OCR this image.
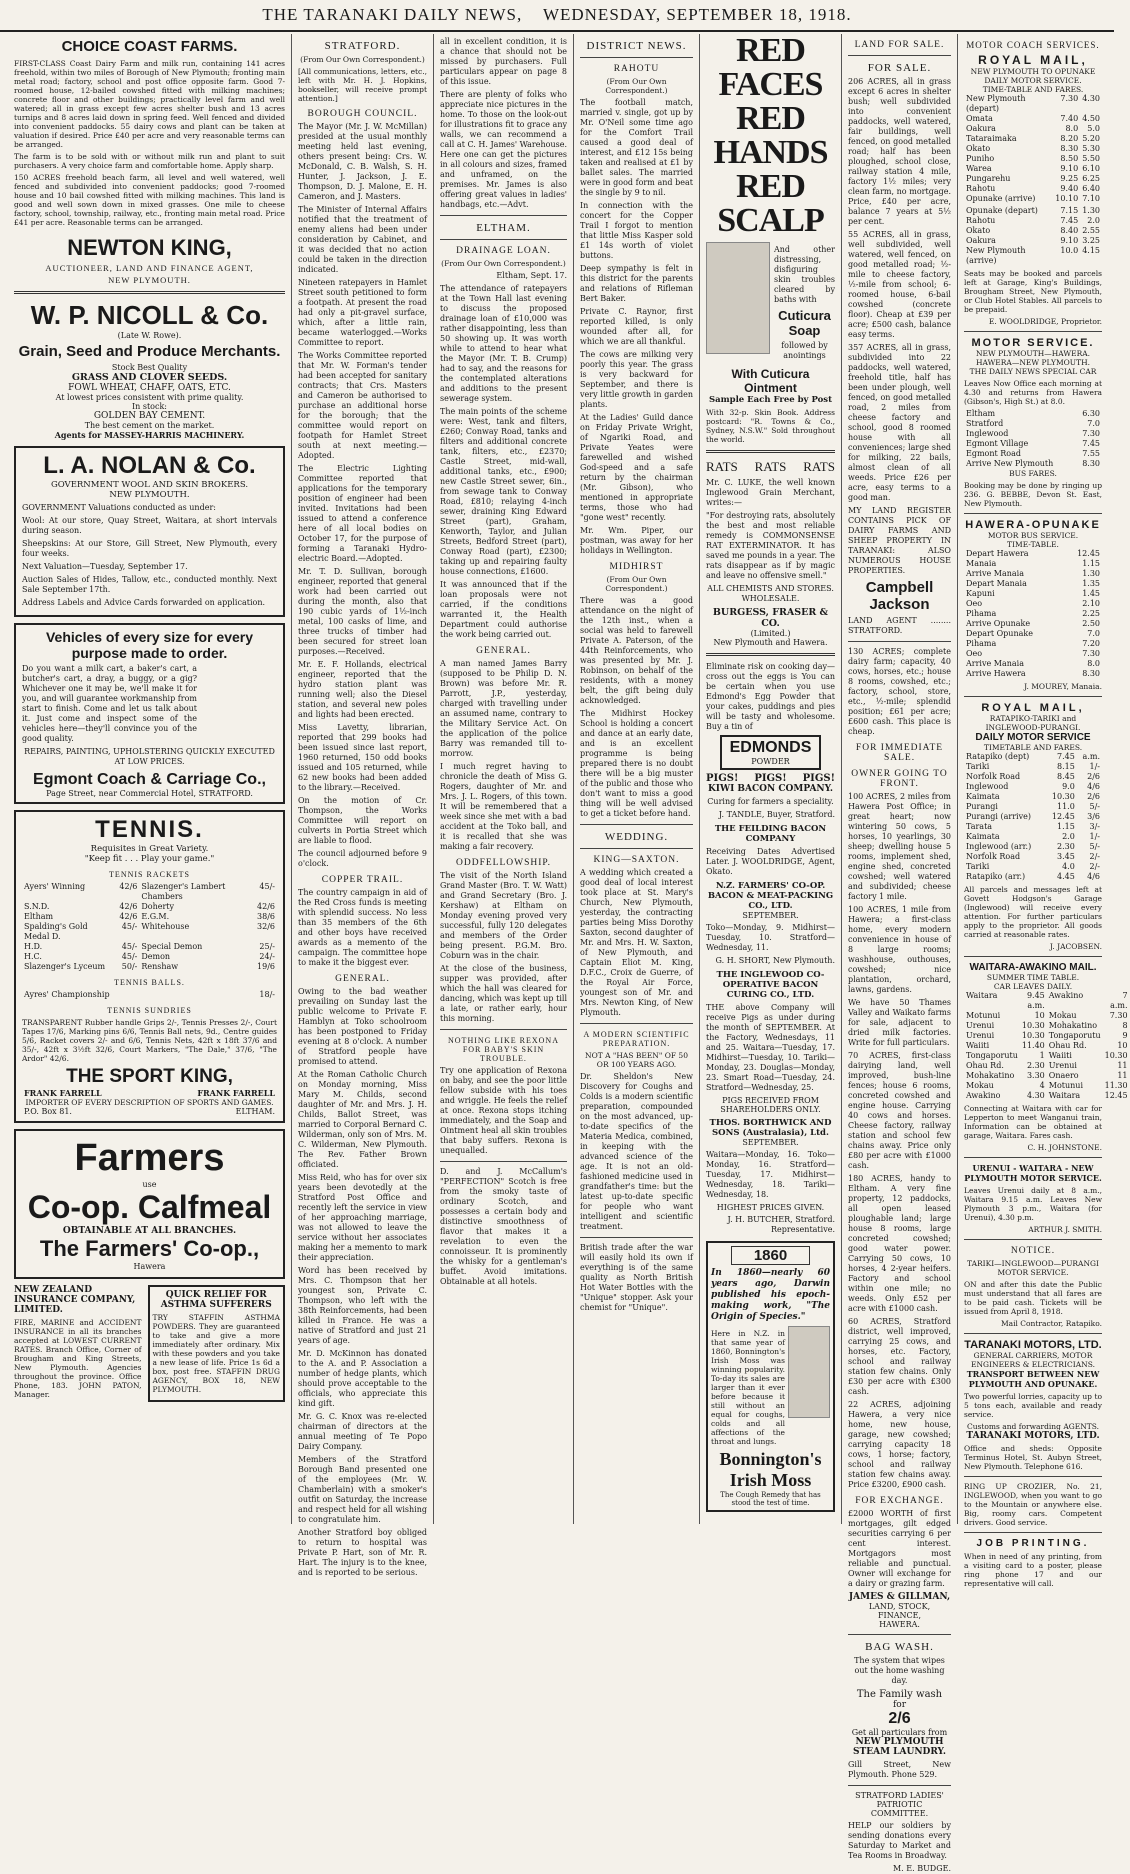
THE TARANAKI DAILY NEWS, WEDNESDAY, SEPTEMBER 18, 1918.
CHOICE COAST FARMS.
FIRST-CLASS Coast Dairy Farm and milk run, containing 141 acres freehold, within two miles of Borough of New Plymouth; fronting main metal road; factory, school and post office opposite farm. Good 7-roomed house, 12-bailed cowshed fitted with milking machines; concrete floor and other buildings; practically level farm and well watered; all in grass except few acres shelter bush and 13 acres turnips and 8 acres laid down in spring feed. Well fenced and divided into convenient paddocks. 55 dairy cows and plant can be taken at valuation if desired. Price £40 per acre and very reasonable terms can be arranged.
The farm is to be sold with or without milk run and plant to suit purchasers. A very choice farm and comfortable home. Apply sharp.
150 ACRES freehold beach farm, all level and well watered, well fenced and subdivided into convenient paddocks; good 7-roomed house and 10 bail cowshed fitted with milking machines. This land is good and well sown down in mixed grasses. One mile to cheese factory, school, township, railway, etc., fronting main metal road. Price £41 per acre. Reasonable terms can be arranged.
NEWTON KING,
AUCTIONEER, LAND AND FINANCE AGENT,
NEW PLYMOUTH.
W. P. NICOLL & Co.
(Late W. Rowe).
Grain, Seed and Produce Merchants.
Stock Best Quality
GRASS AND CLOVER SEEDS.
FOWL WHEAT, CHAFF, OATS, ETC.
At lowest prices consistent with prime quality.
In stock:
GOLDEN BAY CEMENT.
The best cement on the market.
Agents for MASSEY-HARRIS MACHINERY.
L. A. NOLAN & Co.
GOVERNMENT WOOL AND SKIN BROKERS.
NEW PLYMOUTH.
GOVERNMENT Valuations conducted as under:
Wool: At our store, Quay Street, Waitara, at short intervals during season.
Sheepskins: At our Store, Gill Street, New Plymouth, every four weeks.
Next Valuation—Tuesday, September 17.
Auction Sales of Hides, Tallow, etc., conducted monthly. Next Sale September 17th.
Address Labels and Advice Cards forwarded on application.
Vehicles of every size for every
purpose made to order.
Do you want a milk cart, a baker's cart, a butcher's cart, a dray, a buggy, or a gig? Whichever one it may be, we'll make it for you, and will guarantee workmanship from start to finish. Come and let us talk about it. Just come and inspect some of the vehicles here—they'll convince you of the good quality.
REPAIRS, PAINTING, UPHOLSTERING QUICKLY EXECUTED AT LOW PRICES.
Egmont Coach & Carriage Co.,
Page Street, near Commercial Hotel, STRATFORD.
TENNIS.
Requisites in Great Variety.
"Keep fit . . . Play your game."
TENNIS RACKETS
Ayers' Winning	42/6	Slazenger's Lambert Chambers	45/-
S.N.D.	42/6	Doherty	42/6
Eltham	42/6	E.G.M.	38/6
Spalding's Gold Medal D.	45/-	Whitehouse	32/6
H.D.	45/-	Special Demon	25/-
H.C.	45/-	Demon	24/-
Slazenger's Lyceum	50/-	Renshaw	19/6
TENNIS BALLS.
Ayres' Championship	18/-
TENNIS SUNDRIES
TRANSPARENT Rubber handle Grips 2/-, Tennis Presses 2/-, Court Tapes 17/6, Marking pins 6/6, Tennis Ball nets, 9d., Centre guides 5/6, Racket covers 2/- and 6/6, Tennis Nets, 42ft x 18ft 37/6 and 35/-, 42ft x 3½ft 32/6, Court Markers, "The Dale," 37/6, "The Ardor" 42/6.
THE SPORT KING,
FRANK FARRELL	FRANK FARRELL
IMPORTER OF EVERY DESCRIPTION OF SPORTS AND GAMES.
P.O. Box 81.	ELTHAM.
Farmers
use
Co-op. Calfmeal
OBTAINABLE AT ALL BRANCHES.
The Farmers' Co-op.,
Hawera
NEW ZEALAND INSURANCE COMPANY, LIMITED.
FIRE, MARINE and ACCIDENT INSURANCE in all its branches accepted at LOWEST CURRENT RATES. Branch Office, Corner of Brougham and King Streets, New Plymouth. Agencies throughout the province. Office Phone, 183. JOHN PATON, Manager.
QUICK RELIEF FOR ASTHMA SUFFERERS
TRY STAFFIN ASTHMA POWDERS. They are guaranteed to take and give a more immediately after ordinary. Mix with these powders and you take a new lease of life. Price 1s 6d a box, post free. STAFFIN DRUG AGENCY, BOX 18, NEW PLYMOUTH.
STRATFORD.
(From Our Own Correspondent.)
[All communications, letters, etc., left with Mr. H. J. Hopkins, bookseller, will receive prompt attention.]
BOROUGH COUNCIL.
The Mayor (Mr. J. W. McMillan) presided at the usual monthly meeting held last evening, others present being: Crs. W. McDonald, C. B. Walsh, S. H. Hunter, J. Jackson, J. E. Thompson, D. J. Malone, E. H. Cameron, and J. Masters.
The Minister of Internal Affairs notified that the treatment of enemy aliens had been under consideration by Cabinet, and it was decided that no action could be taken in the direction indicated.
Nineteen ratepayers in Hamlet Street south petitioned to form a footpath. At present the road had only a pit-gravel surface, which, after a little rain, became waterlogged.—Works Committee to report.
The Works Committee reported that Mr. W. Forman's tender had been accepted for sanitary contracts; that Crs. Masters and Cameron be authorised to purchase an additional horse for the borough; that the committee would report on footpath for Hamlet Street south at next meeting.—Adopted.
The Electric Lighting Committee reported that applications for the temporary position of engineer had been invited. Invitations had been issued to attend a conference here of all local bodies on October 17, for the purpose of forming a Taranaki Hydro-electric Board.—Adopted.
Mr. T. D. Sullivan, borough engineer, reported that general work had been carried out during the month, also that 190 cubic yards of 1½-inch metal, 100 casks of lime, and three trucks of timber had been secured for street loan purposes.—Received.
Mr. E. F. Hollands, electrical engineer, reported that the hydro station plant was running well; also the Diesel station, and several new poles and lights had been erected.
Miss Lavetty, librarian, reported that 299 books had been issued since last report, 1960 returned, 150 odd books issued and 105 returned, while 62 new books had been added to the library.—Received.
On the motion of Cr. Thompson, the Works Committee will report on culverts in Portia Street which are liable to flood.
The council adjourned before 9 o'clock.
COPPER TRAIL.
The country campaign in aid of the Red Cross funds is meeting with splendid success. No less than 35 members of the 6th and other boys have received awards as a memento of the campaign. The committee hope to make it the biggest ever.
GENERAL.
Owing to the bad weather prevailing on Sunday last the public welcome to Private F. Hamblyn at Toko schoolroom has been postponed to Friday evening at 8 o'clock. A number of Stratford people have promised to attend.
At the Roman Catholic Church on Monday morning, Miss Mary M. Childs, second daughter of Mr. and Mrs. J. H. Childs, Ballot Street, was married to Corporal Bernard C. Wilderman, only son of Mrs. M. C. Wilderman, New Plymouth. The Rev. Father Brown officiated.
Miss Reid, who has for over six years been devotedly at the Stratford Post Office and recently left the service in view of her approaching marriage, was not allowed to leave the service without her associates making her a memento to mark their appreciation.
Word has been received by Mrs. C. Thompson that her youngest son, Private C. Thompson, who left with the 38th Reinforcements, had been killed in France. He was a native of Stratford and just 21 years of age.
Mr. D. McKinnon has donated to the A. and P. Association a number of hedge plants, which should prove acceptable to the officials, who appreciate this kind gift.
Mr. G. C. Knox was re-elected chairman of directors at the annual meeting of Te Popo Dairy Company.
Members of the Stratford Borough Band presented one of the employees (Mr. W. Chamberlain) with a smoker's outfit on Saturday, the increase and respect held for all wishing to congratulate him.
Another Stratford boy obliged to return to hospital was Private P. Hart, son of Mr. R. Hart. The injury is to the knee, and is reported to be serious.
all in excellent condition, it is a chance that should not be missed by purchasers. Full particulars appear on page 8 of this issue.
There are plenty of folks who appreciate nice pictures in the home. To those on the look-out for illustrations fit to grace any walls, we can recommend a call at C. H. James' Warehouse. Here one can get the pictures in all colours and sizes, framed and unframed, on the premises. Mr. James is also offering great values in ladies' handbags, etc.—Advt.
ELTHAM.
DRAINAGE LOAN.
(From Our Own Correspondent.)
Eltham, Sept. 17.
The attendance of ratepayers at the Town Hall last evening to discuss the proposed drainage loan of £10,000 was rather disappointing, less than 50 showing up. It was worth while to attend to hear what the Mayor (Mr. T. B. Crump) had to say, and the reasons for the contemplated alterations and additions to the present sewerage system.
The main points of the scheme were: West, tank and filters, £260; Conway Road, tanks and filters and additional concrete tank, filters, etc., £2370; Castle Street, mid-wall, additional tanks, etc., £900; new Castle Street sewer, 6in., from sewage tank to Conway Road, £810; relaying 4-inch sewer, draining King Edward Street (part), Graham, Kenworth, Taylor, and Julian Streets, Bedford Street (part), Conway Road (part), £2300; taking up and repairing faulty house connections, £1600.
It was announced that if the loan proposals were not carried, if the conditions warranted it, the Health Department could authorise the work being carried out.
GENERAL.
A man named James Barry (supposed to be Philip D. N. Brown) was before Mr. R. Parrott, J.P., yesterday, charged with travelling under an assumed name, contrary to the Military Service Act. On the application of the police Barry was remanded till to-morrow.
I much regret having to chronicle the death of Miss G. Rogers, daughter of Mr. and Mrs. J. L. Rogers, of this town. It will be remembered that a week since she met with a bad accident at the Toko ball, and it is recalled that she was making a fair recovery.
ODDFELLOWSHIP.
The visit of the North Island Grand Master (Bro. T. W. Watt) and Grand Secretary (Bro. J. Kershaw) at Eltham on Monday evening proved very successful, fully 120 delegates and members of the Order being present. P.G.M. Bro. Coburn was in the chair.
At the close of the business, supper was provided, after which the hall was cleared for dancing, which was kept up till a late, or rather early, hour this morning.
NOTHING LIKE REXONA FOR BABY'S SKIN TROUBLE.
Try one application of Rexona on baby, and see the poor little fellow subside with his toes and wriggle. He feels the relief at once. Rexona stops itching immediately, and the Soap and Ointment heal all skin troubles that baby suffers. Rexona is unequalled.
D. and J. McCallum's "PERFECTION" Scotch is free from the smoky taste of ordinary Scotch, and possesses a certain body and distinctive smoothness of flavor that makes it a revelation to even the connoisseur. It is prominently the whisky for a gentleman's buffet. Avoid imitations. Obtainable at all hotels.
DISTRICT NEWS.
RAHOTU
(From Our Own Correspondent.)
The football match, married v. single, got up by Mr. O'Neil some time ago for the Comfort Trail caused a good deal of interest, and £12 15s being taken and realised at £1 by ballet sales. The married were in good form and beat the single by 9 to nil.
In connection with the concert for the Copper Trail I forgot to mention that little Miss Kasper sold £1 14s worth of violet buttons.
Deep sympathy is felt in this district for the parents and relations of Rifleman Bert Baker.
Private C. Raynor, first reported killed, is only wounded after all, for which we are all thankful.
The cows are milking very poorly this year. The grass is very backward for September, and there is very little growth in garden plants.
At the Ladies' Guild dance on Friday Private Wright, of Ngariki Road, and Private Yeates were farewelled and wished God-speed and a safe return by the chairman (Mr. Gibson), who mentioned in appropriate terms, those who had "gone west" recently.
Mr. Wm. Piper, our postman, was away for her holidays in Wellington.
MIDHIRST
(From Our Own Correspondent.)
There was a good attendance on the night of the 12th inst., when a social was held to farewell Private A. Paterson, of the 44th Reinforcements, who was presented by Mr. J. Robinson, on behalf of the residents, with a money belt, the gift being duly acknowledged.
The Midhirst Hockey School is holding a concert and dance at an early date, and is an excellent programme is being prepared there is no doubt there will be a big muster of the public and those who don't want to miss a good thing will be well advised to get a ticket before hand.
WEDDING.
KING—SAXTON.
A wedding which created a good deal of local interest took place at St. Mary's Church, New Plymouth, yesterday, the contracting parties being Miss Dorothy Saxton, second daughter of Mr. and Mrs. H. W. Saxton, of New Plymouth, and Captain Eliot M. King, D.F.C., Croix de Guerre, of the Royal Air Force, youngest son of Mr. and Mrs. Newton King, of New Plymouth.
A MODERN SCIENTIFIC PREPARATION.
NOT A "HAS BEEN" OF 50 OR 100 YEARS AGO.
Dr. Sheldon's New Discovery for Coughs and Colds is a modern scientific preparation, compounded on the most advanced, up-to-date specifics of the Materia Medica, combined, in keeping with the advanced science of the age. It is not an old-fashioned medicine used in grandfather's time: but the latest up-to-date specific for people who want intelligent and scientific treatment.
British trade after the war will easily hold its own if everything is of the same quality as North British Hot Water Bottles with the "Unique" stopper. Ask your chemist for "Unique".
RED FACES
RED HANDS
RED SCALP
And other distressing, disfiguring skin troubles cleared by baths with
Cuticura Soap
followed by anointings
With Cuticura Ointment
Sample Each Free by Post
With 32-p. Skin Book. Address postcard: "R. Towns & Co., Sydney, N.S.W." Sold throughout the world.
RATS RATS RATS
Mr. C. LUKE, the well known Inglewood Grain Merchant, writes:—
"For destroying rats, absolutely the best and most reliable remedy is COMMONSENSE RAT EXTERMINATOR. It has saved me pounds in a year. The rats disappear as if by magic and leave no offensive smell."
ALL CHEMISTS AND STORES. WHOLESALE.
BURGESS, FRASER & CO.
(Limited.)
New Plymouth and Hawera.
Eliminate risk on cooking day—cross out the eggs is You can be certain when you use Edmond's Egg Powder that your cakes, puddings and pies will be tasty and wholesome. Buy a tin of
EDMONDS
POWDER
PIGS! PIGS! PIGS!
KIWI BACON COMPANY.
Curing for farmers a speciality.
J. TANDLE, Buyer, Stratford.
THE FEILDING BACON COMPANY
Receiving Dates Advertised Later. J. WOOLDRIDGE, Agent, Okato.
N.Z. FARMERS' CO-OP. BACON & MEAT-PACKING CO., LTD.
SEPTEMBER.
Toko—Monday, 9. Midhirst—Tuesday, 10. Stratford—Wednesday, 11.
G. H. SHORT, New Plymouth.
THE INGLEWOOD CO-OPERATIVE BACON CURING CO., LTD.
THE above Company will receive Pigs as under during the month of SEPTEMBER. At the Factory, Wednesdays, 11 and 25. Waitara—Tuesday, 17. Midhirst—Tuesday, 10. Tariki—Monday, 23. Douglas—Monday, 23. Smart Road—Tuesday, 24. Stratford—Wednesday, 25.
PIGS RECEIVED FROM SHAREHOLDERS ONLY.
THOS. BORTHWICK AND SONS (Australasia), Ltd.
SEPTEMBER.
Waitara—Monday, 16. Toko—Monday, 16. Stratford—Tuesday, 17. Midhirst—Wednesday, 18. Tariki—Wednesday, 18.
HIGHEST PRICES GIVEN.
J. H. BUTCHER, Stratford. Representative.
1860
In 1860—nearly 60 years ago, Darwin published his epoch-making work, "The Origin of Species."
Here in N.Z. in that same year of 1860, Bonnington's Irish Moss was winning popularity. To-day its sales are larger than it ever before because it still without an equal for coughs, colds and all affections of the throat and lungs.
Bonnington's
Irish Moss
The Cough Remedy that has stood the test of time.
LAND FOR SALE.
FOR SALE.
206 ACRES, all in grass except 6 acres in shelter bush; well subdivided into convenient paddocks, well watered, fair buildings, well fenced, on good metalled road; half has been ploughed, school close, railway station 4 mile, factory 1½ miles; very clean farm, no mortgage. Price, £40 per acre, balance 7 years at 5½ per cent.
55 ACRES, all in grass, well subdivided, well watered, well fenced, on good metalled road; ½-mile to cheese factory, ½-mile from school; 6-roomed house, 6-bail cowshed (concrete floor). Cheap at £39 per acre; £500 cash, balance easy terms.
357 ACRES, all in grass, subdivided into 22 paddocks, well watered, freehold title, half has been under plough, well fenced, on good metalled road, 2 miles from cheese factory and school, good 8 roomed house with all conveniences; large shed for milking, 22 bails, almost clean of all weeds. Price £26 per acre, easy terms to a good man.
MY LAND REGISTER CONTAINS PICK OF DAIRY FARMS AND SHEEP PROPERTY IN TARANAKI: ALSO NUMEROUS HOUSE PROPERTIES.
Campbell Jackson
LAND AGENT ........ STRATFORD.
130 ACRES; complete dairy farm; capacity, 40 cows, horses, etc.; house 8 rooms, cowshed, etc.; factory, school, store, etc., ½-mile; splendid position; £61 per acre; £600 cash. This place is cheap.
FOR IMMEDIATE SALE.
OWNER GOING TO FRONT.
100 ACRES, 2 miles from Hawera Post Office; in great heart; now wintering 50 cows, 5 horses, 10 yearlings, 30 sheep; dwelling house 5 rooms, implement shed, engine shed, concreted cowshed; well watered and subdivided; cheese factory 1 mile.
100 ACRES, 1 mile from Hawera; a first-class home, every modern convenience in house of 8 large rooms; washhouse, outhouses, cowshed; nice plantation, orchard, lawns, gardens.
We have 50 Thames Valley and Waikato farms for sale, adjacent to dried milk factories. Write for full particulars.
70 ACRES, first-class dairying land, well improved, bush-line fences; house 6 rooms, concreted cowshed and engine house. Carrying 40 cows and horses. Cheese factory, railway station and school few chains away. Price only £80 per acre with £1000 cash.
180 ACRES, handy to Eltham. A very fine property, 12 paddocks, all open leased ploughable land; large house 8 rooms, large concreted cowshed; good water power. Carrying 50 cows, 10 horses, 4 2-year heifers. Factory and school within one mile; no weeds. Only £52 per acre with £1000 cash.
60 ACRES, Stratford district, well improved, carrying 25 cows, and horses, etc. Factory, school and railway station few chains. Only £30 per acre with £300 cash.
22 ACRES, adjoining Hawera, a very nice home, new house, garage, new cowshed; carrying capacity 18 cows, 1 horse; factory, school and railway station few chains away. Price £3200, £900 cash.
FOR EXCHANGE.
£2000 WORTH of first mortgages, gilt edged securities carrying 6 per cent interest. Mortgagors most reliable and punctual. Owner will exchange for a dairy or grazing farm.
JAMES & GILLMAN,
LAND, STOCK, FINANCE,
HAWERA.
BAG WASH.
The system that wipes out the home washing day.
The Family wash
for
2/6
Get all particulars from
NEW PLYMOUTH STEAM LAUNDRY.
Gill Street, New Plymouth. Phone 529.
STRATFORD LADIES' PATRIOTIC COMMITTEE.
HELP our soldiers by sending donations every Saturday to Market and Tea Rooms in Broadway.
M. E. BUDGE.
MOTOR COACH SERVICES.
ROYAL MAIL,
NEW PLYMOUTH TO OPUNAKE DAILY MOTOR SERVICE.
TIME-TABLE AND FARES.
New Plymouth (depart)	7.30	4.30
Omata	7.40	4.50
Oakura	8.0	5.0
Tataraimaka	8.20	5.20
Okato	8.30	5.30
Puniho	8.50	5.50
Warea	9.10	6.10
Pungarehu	9.25	6.25
Rahotu	9.40	6.40
Opunake (arrive)	10.10	7.10
Opunake (depart)	7.15	1.30
Rahotu	7.45	2.0
Okato	8.40	2.55
Oakura	9.10	3.25
New Plymouth (arrive)	10.0	4.15
Seats may be booked and parcels left at Garage, King's Buildings, Brougham Street, New Plymouth, or Club Hotel Stables. All parcels to be prepaid.
E. WOOLDRIDGE, Proprietor.
MOTOR SERVICE.
NEW PLYMOUTH—HAWERA.
HAWERA—NEW PLYMOUTH.
THE DAILY NEWS SPECIAL CAR
Leaves Now Office each morning at 4.30 and returns from Hawera (Gibson's, High St.) at 8.0.
Eltham	6.30
Stratford	7.0
Inglewood	7.30
Egmont Village	7.45
Egmont Road	7.55
Arrive New Plymouth	8.30
BUS FARES.
Booking may be done by ringing up 236. G. BEBBE, Devon St. East, New Plymouth.
HAWERA-OPUNAKE
MOTOR BUS SERVICE.
TIME-TABLE.
Depart Hawera	12.45
Manaia	1.15
Arrive Manaia	1.30
Depart Manaia	1.35
Kapuni	1.45
Oeo	2.10
Pihama	2.25
Arrive Opunake	2.50
Depart Opunake	7.0
Pihama	7.20
Oeo	7.30
Arrive Manaia	8.0
Arrive Hawera	8.30
J. MOUREY, Manaia.
ROYAL MAIL,
RATAPIKO-TARIKI and INGLEWOOD-PURANGI.
DAILY MOTOR SERVICE
TIMETABLE AND FARES.
Ratapiko (dept)	7.45	a.m.
Tariki	8.15	1/-
Norfolk Road	8.45	2/6
Inglewood	9.0	4/6
Kaimata	10.30	2/6
Purangi	11.0	5/-
Purangi (arrive)	12.45	3/6
Tarata	1.15	3/-
Kaimata	2.0	1/-
Inglewood (arr.)	2.30	5/-
Norfolk Road	3.45	2/-
Tariki	4.0	2/-
Ratapiko (arr.)	4.45	4/6
All parcels and messages left at Govett Hodgson's Garage (Inglewood) will receive every attention. For further particulars apply to the proprietor. All goods carried at reasonable rates.
J. JACOBSEN.
WAITARA-AWAKINO MAIL.
SUMMER TIME TABLE.
CAR LEAVES DAILY.
Waitara	9.45 a.m.	Awakino	7 a.m.
Motunui	10	Mokau	7.30
Urenui	10.30	Mohakatino	8
Urenui	10.30	Tongaporutu	9
Waiiti	11.40	Ohau Rd.	10
Tongaporutu	1	Waiiti	10.30
Ohau Rd.	2.30	Urenui	11
Mohakatino	3.30	Onaero	11
Mokau	4	Motunui	11.30
Awakino	4.30	Waitara	12.45
Connecting at Waitara with car for Lepperton to meet Wanganui train, Information can be obtained at garage, Waitara. Fares cash.
C. H. JOHNSTONE.
URENUI - WAITARA - NEW PLYMOUTH MOTOR SERVICE.
Leaves Urenui daily at 8 a.m., Waitara 9.15 a.m. Leaves New Plymouth 3 p.m., Waitara (for Urenui), 4.30 p.m.
ARTHUR J. SMITH.
NOTICE.
TARIKI—INGLEWOOD—PURANGI MOTOR SERVICE.
ON and after this date the Public must understand that all fares are to be paid cash. Tickets will be issued from April 8, 1918.
Mail Contractor, Ratapiko.
TARANAKI MOTORS, LTD.
GENERAL CARRIERS, MOTOR ENGINEERS & ELECTRICIANS.
TRANSPORT BETWEEN NEW PLYMOUTH AND OPUNAKE.
Two powerful lorries, capacity up to 5 tons each, available and ready service.
Customs and forwarding AGENTS.
TARANAKI MOTORS, LTD.
Office and sheds: Opposite Terminus Hotel, St. Aubyn Street, New Plymouth. Telephone 616.
RING UP CROZIER, No. 21, INGLEWOOD, when you want to go to the Mountain or anywhere else. Big, roomy cars. Competent drivers. Good service.
JOB PRINTING.
When in need of any printing, from a visiting card to a poster, please ring phone 17 and our representative will call.
